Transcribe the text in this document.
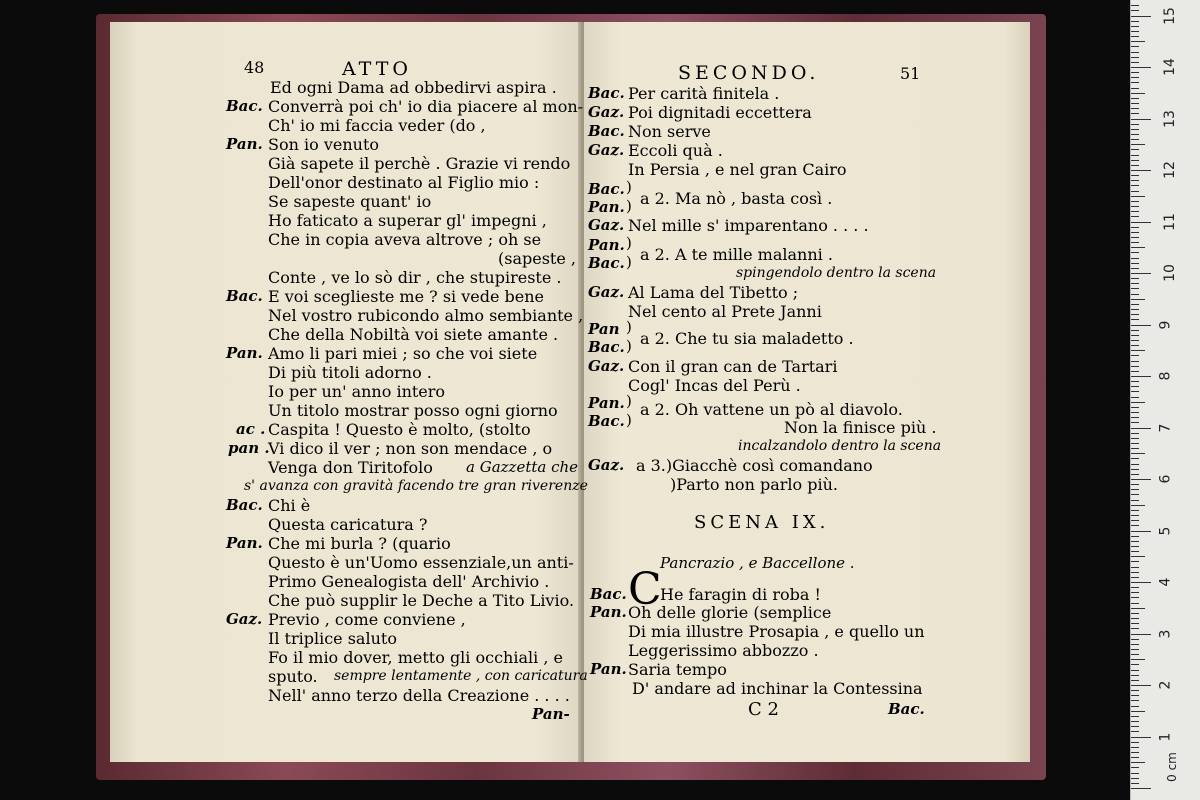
48	ATTO
Ed ogni Dama ad obbedirvi aspira .
Bac. Converrà poi ch' io dia piacere al mon-
Ch' io mi faccia veder (do ,
Pan. Son io venuto
Già sapete il perchè . Grazie vi rendo
Dell'onor destinato al Figlio mio :
Se sapeste quant' io
Ho faticato a superar gl' impegni ,
Che in copia aveva altrove ; oh se
(sapeste ,
Conte , ve lo sò dir , che stupireste .
Bac. E voi sceglieste me ? si vede bene
Nel vostro rubicondo almo sembiante ,
Che della Nobiltà voi siete amante .
Pan. Amo li pari miei ; so che voi siete
Di più titoli adorno .
Io per un' anno intero
Un titolo mostrar posso ogni giorno
ac . Caspita ! Questo è molto, (stolto
pan .
Vi dico il ver ; non son mendace , o
Venga don Tiritofolo a Gazzetta che
s' avanza con gravità facendo tre gran riverenze
Bac. Chi è
Questa caricatura ?
Pan. Che mi burla ? (quario
Questo è un'Uomo essenziale,un anti-
Primo Genealogista dell' Archivio .
Che può supplir le Deche a Tito Livio.
Gaz. Previo , come conviene ,
Il triplice saluto
Fo il mio dover, metto gli occhiali , e
sputo. sempre lentamente , con caricatura
Nell' anno terzo della Creazione . . . .
Pan-
SECONDO.	51
Bac. Per carità finitela .
Gaz. Poi dignitadi eccettera
Bac. Non serve
Gaz. Eccoli quà .
In Persia , e nel gran Cairo
Bac.
Pan.
)
) a 2. Ma nò , basta così .
Gaz. Nel mille s' imparentano . . . .
Pan.
Bac.
)
) a 2. A te mille malanni .
spingendolo dentro la scena
Gaz. Al Lama del Tibetto ;
Nel cento al Prete Janni
Pan
Bac.
)
) a 2. Che tu sia maladetto .
Gaz. Con il gran can de Tartari
Cogl' Incas del Perù .
Pan.
Bac.
)
)
a 2. Oh vattene un pò al diavolo.
Non la finisce più .
incalzandolo dentro la scena
Gaz. a 3.)Giacchè così comandano
)Parto non parlo più.
SCENA IX.
Pancrazio , e Baccellone .
Bac. C
He faragin di roba !
Pan. Oh delle glorie (semplice
Di mia illustre Prosapia , e quello un
Leggerissimo abbozzo .
Pan. Saria tempo
D' andare ad inchinar la Contessina
C 2	Bac.
1
2
3
4
5
6
7
8
9
10
11
12
13
14
15
0 cm
